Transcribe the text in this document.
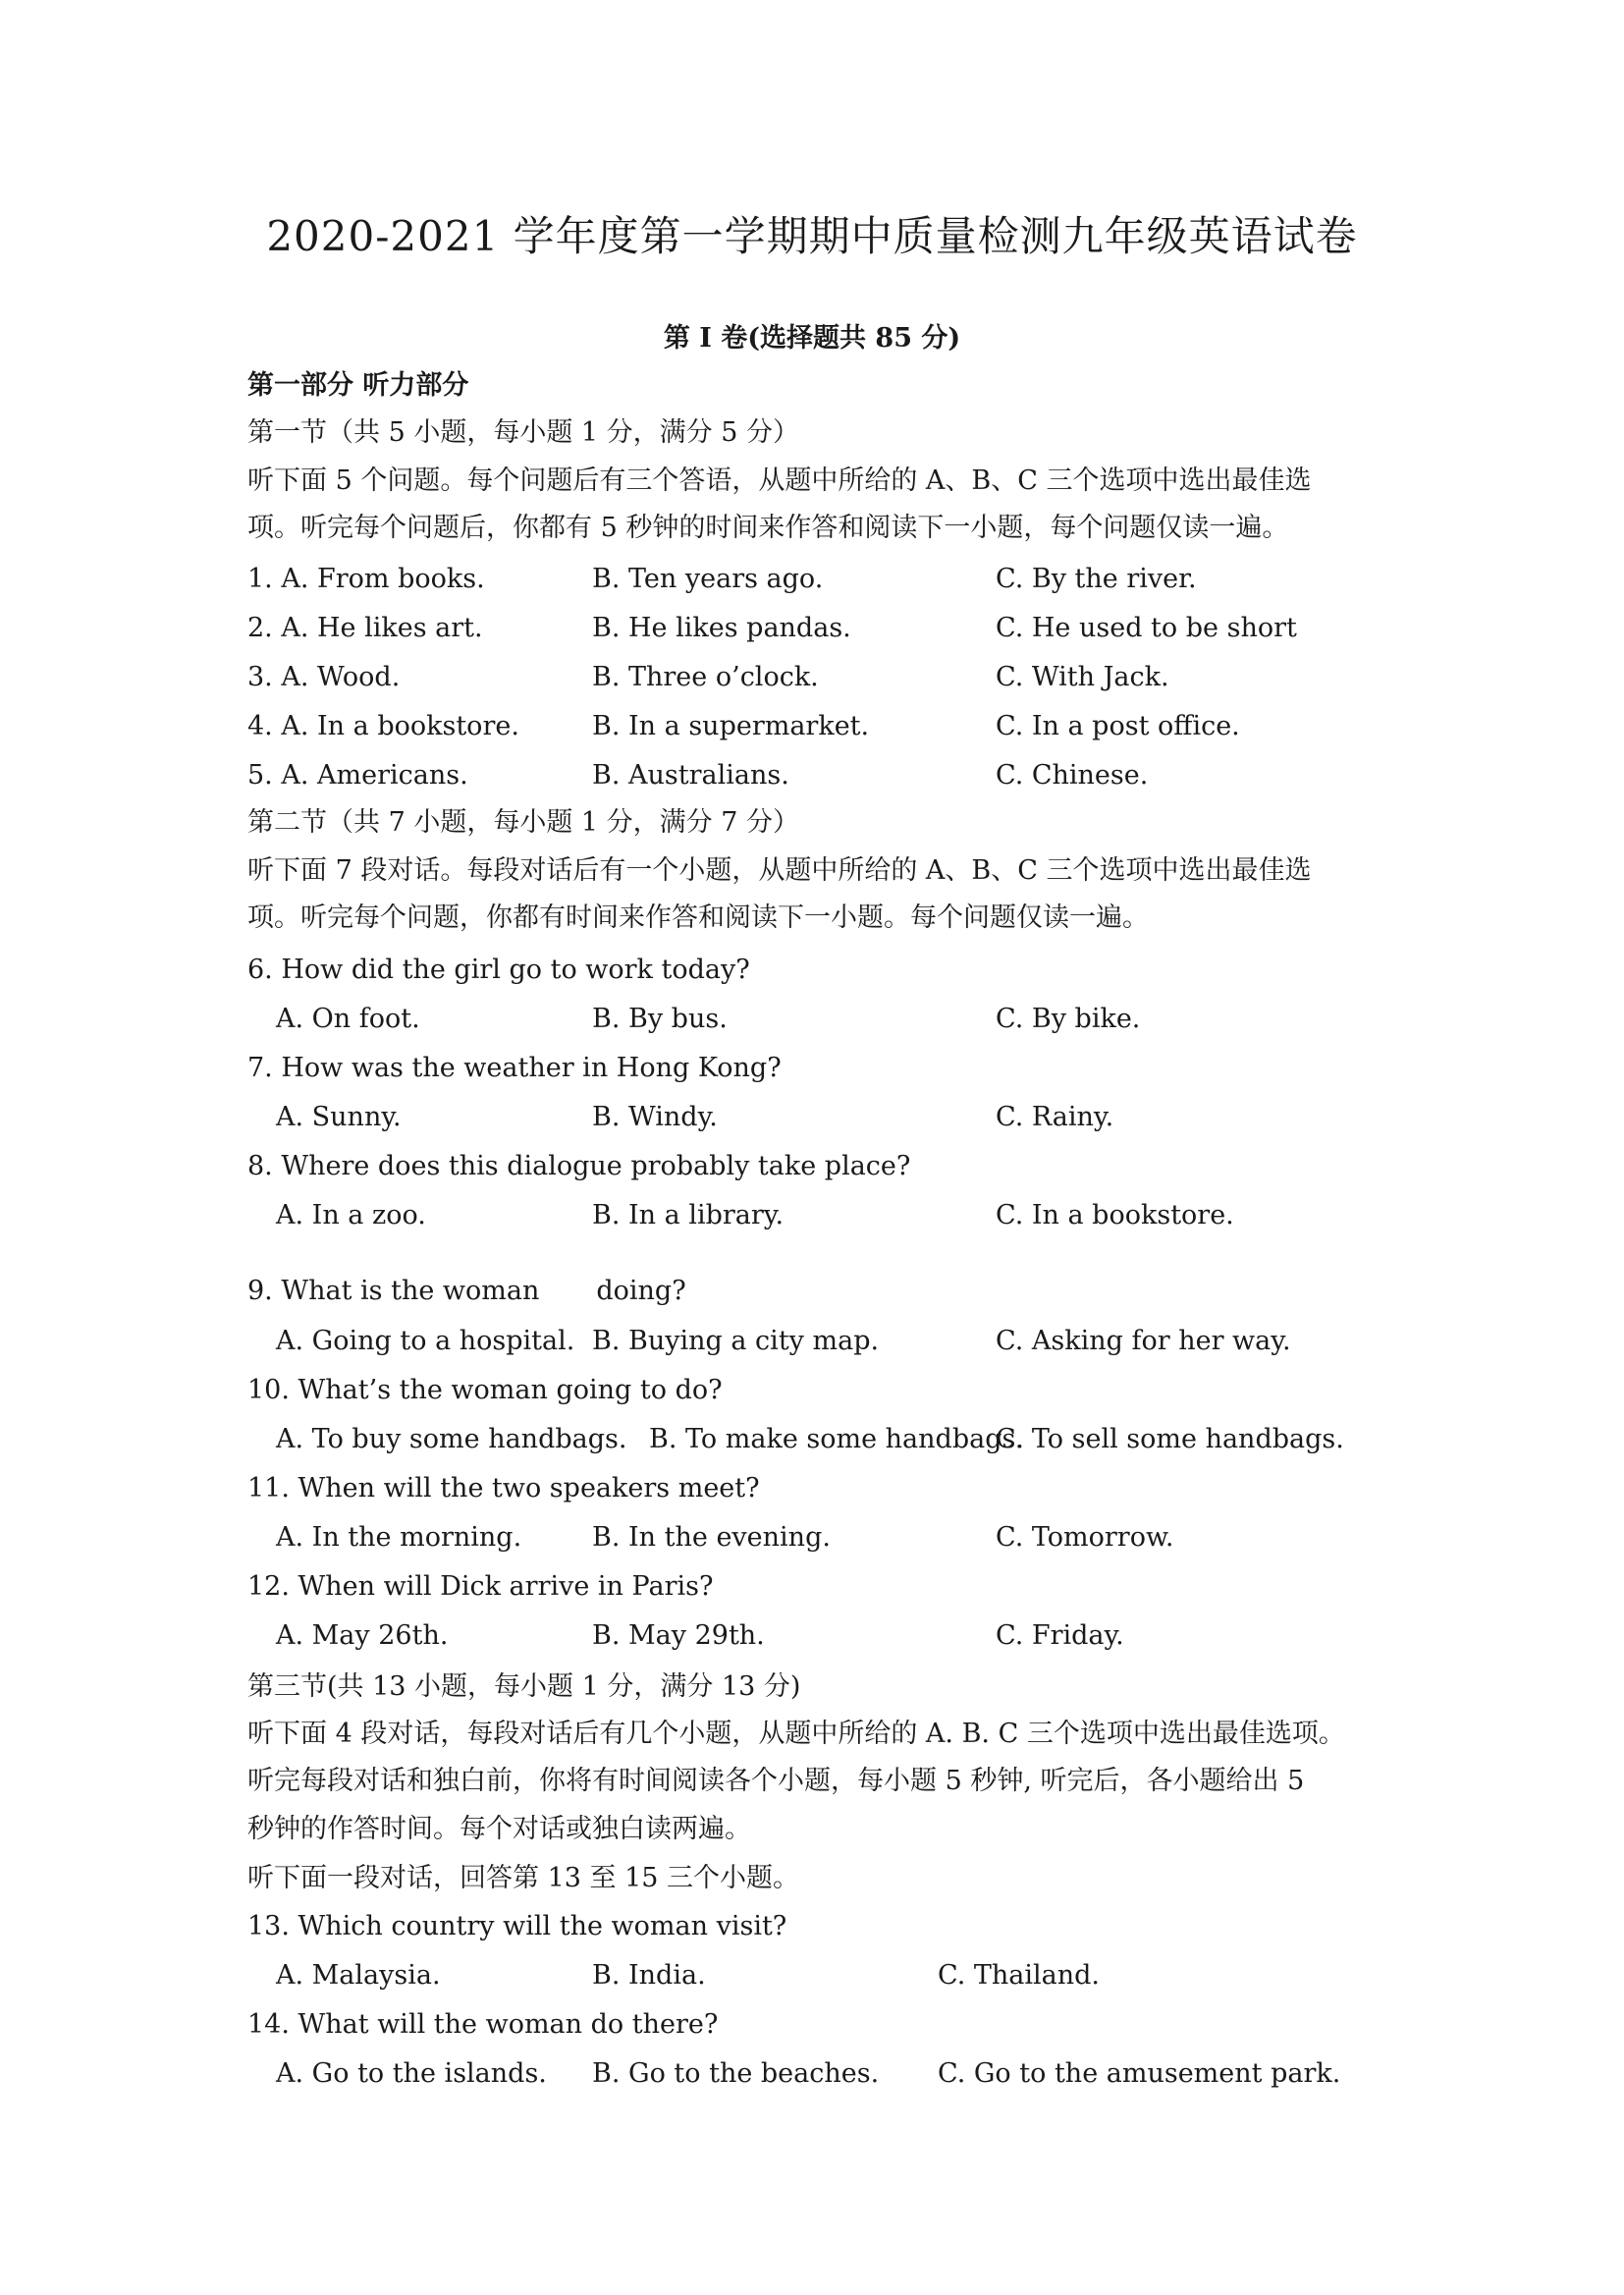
2020-2021 学年度第一学期期中质量检测九年级英语试卷
第 I 卷(选择题共 85 分)
第一部分 听力部分
第一节（共 5 小题，每小题 1 分，满分 5 分）
听下面 5 个问题。每个问题后有三个答语，从题中所给的 A、B、C 三个选项中选出最佳选
项。听完每个问题后，你都有 5 秒钟的时间来作答和阅读下一小题，每个问题仅读一遍。
1. A. From books.	B. Ten years ago.	C. By the river.
2. A. He likes art.	B. He likes pandas.	C. He used to be short
3. A. Wood.	B. Three o’clock.	C. With Jack.
4. A. In a bookstore.	B. In a supermarket.	C. In a post office.
5. A. Americans.	B. Australians.	C. Chinese.
第二节（共 7 小题，每小题 1 分，满分 7 分）
听下面 7 段对话。每段对话后有一个小题，从题中所给的 A、B、C 三个选项中选出最佳选
项。听完每个问题，你都有时间来作答和阅读下一小题。每个问题仅读一遍。
6. How did the girl go to work today?
A. On foot.	B. By bus.	C. By bike.
7. How was the weather in Hong Kong?
A. Sunny.	B. Windy.	C. Rainy.
8. Where does this dialogue probably take place?
A. In a zoo.	B. In a library.	C. In a bookstore.
9. What is the woman doing?
A. Going to a hospital. B. Buying a city map.	C. Asking for her way.
10. What’s the woman going to do?
A. To buy some handbags. B. To make some handbags.
C. To sell some handbags.
11. When will the two speakers meet?
A. In the morning.	B. In the evening.	C. Tomorrow.
12. When will Dick arrive in Paris?
A. May 26th.	B. May 29th.	C. Friday.
第三节(共 13 小题，每小题 1 分，满分 13 分)
听下面 4 段对话，每段对话后有几个小题，从题中所给的 A. B. C 三个选项中选出最佳选项。
听完每段对话和独白前，你将有时间阅读各个小题，每小题 5 秒钟, 听完后，各小题给出 5
秒钟的作答时间。每个对话或独白读两遍。
听下面一段对话，回答第 13 至 15 三个小题。
13. Which country will the woman visit?
A. Malaysia.	B. India.	C. Thailand.
14. What will the woman do there?
A. Go to the islands. B. Go to the beaches. C. Go to the amusement park.
